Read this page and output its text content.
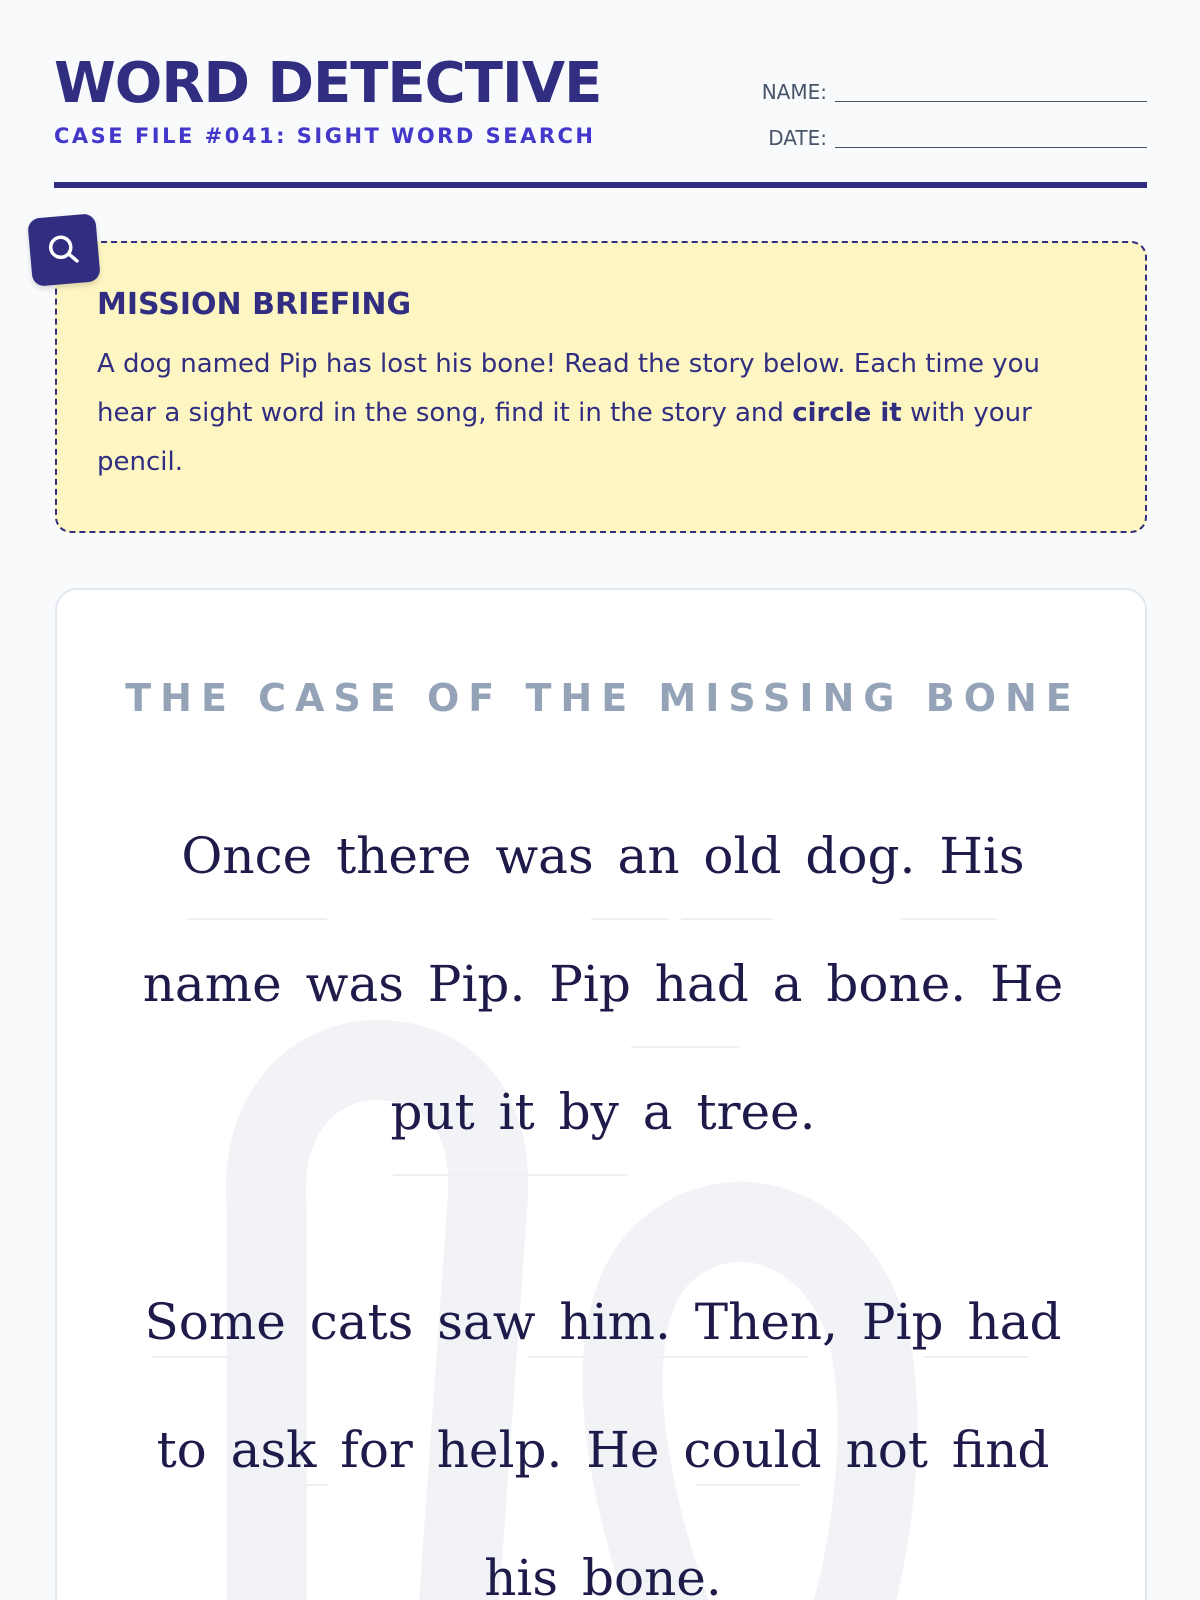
WORD DETECTIVE
CASE FILE #041: SIGHT WORD SEARCH
NAME:
DATE:
MISSION BRIEFING
A dog named Pip has lost his bone! Read the story below. Each time you hear a sight word in the song, find it in the story and circle it with your pencil.
THE CASE OF THE MISSING BONE
Once there was an old dog. His
name was Pip. Pip had a bone. He
put it by a tree.
Some cats saw him. Then, Pip had
to ask for help. He could not find
his bone.
